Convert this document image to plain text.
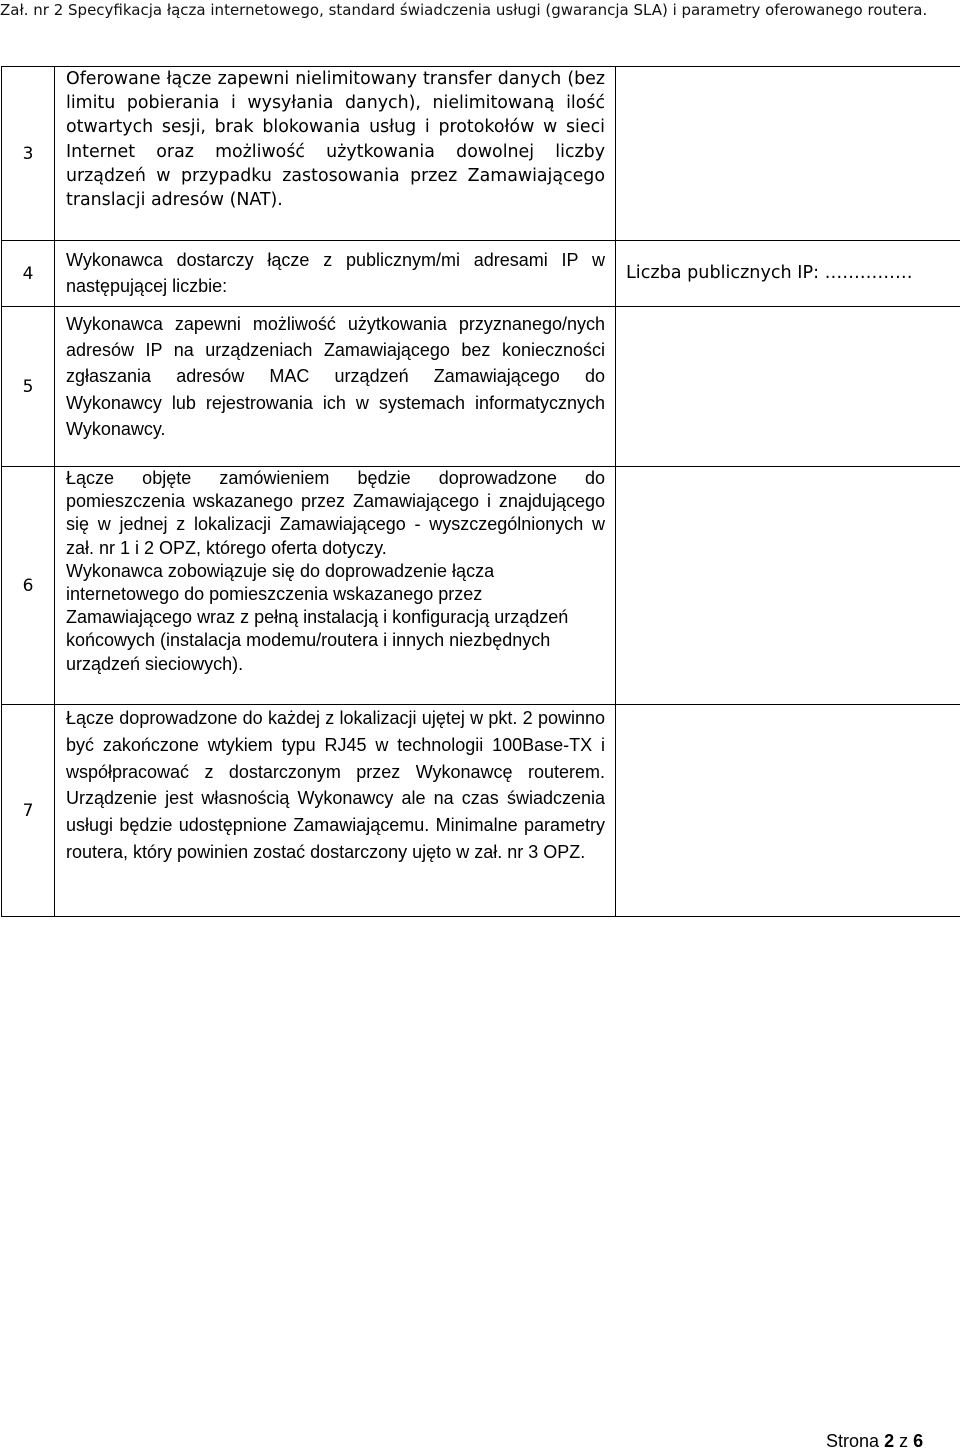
Zał. nr 2 Specyfikacja łącza internetowego, standard świadczenia usługi (gwarancja SLA) i parametry oferowanego routera.
3	Oferowane łącze zapewni nielimitowany transfer danych (bez limitu pobierania i wysyłania danych), nielimitowaną ilość otwartych sesji, brak blokowania usług i protokołów w sieci Internet oraz możliwość użytkowania dowolnej liczby urządzeń w przypadku zastosowania przez Zamawiającego translacji adresów (NAT).	

4	Wykonawca dostarczy łącze z publicznym/mi adresami IP w następującej liczbie:	Liczba publicznych IP: ……………

5	Wykonawca zapewni możliwość użytkowania przyznanego/nych adresów IP na urządzeniach Zamawiającego bez konieczności zgłaszania adresów MAC urządzeń Zamawiającego do Wykonawcy lub rejestrowania ich w systemach informatycznych Wykonawcy.	

6	Łącze objęte zamówieniem będzie doprowadzone do pomieszczenia wskazanego przez Zamawiającego i znajdującego się w jednej z lokalizacji Zamawiającego - wyszczególnionych w zał. nr 1 i 2 OPZ, którego oferta dotyczy.

Wykonawca zobowiązuje się do doprowadzenie łącza internetowego do pomieszczenia wskazanego przez Zamawiającego wraz z pełną instalacją i konfiguracją urządzeń końcowych (instalacja modemu/routera i innych niezbędnych urządzeń sieciowych).	

7	Łącze doprowadzone do każdej z lokalizacji ujętej w pkt. 2 powinno być zakończone wtykiem typu RJ45 w technologii 100Base-TX i współpracować z dostarczonym przez Wykonawcę routerem. Urządzenie jest własnością Wykonawcy ale na czas świadczenia usługi będzie udostępnione Zamawiającemu. Minimalne parametry routera, który powinien zostać dostarczony ujęto w zał. nr 3 OPZ.	

Strona 2 z 6
